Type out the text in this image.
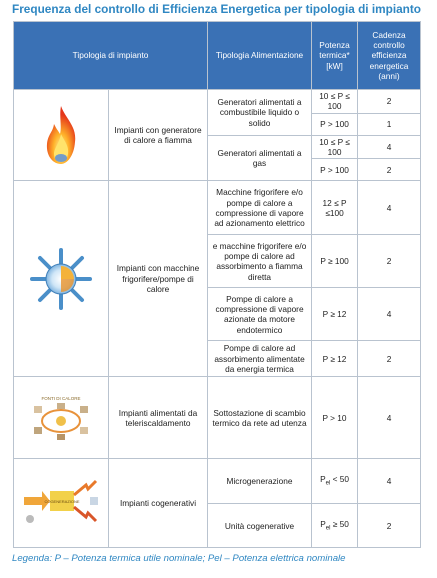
Frequenza del controllo di Efficienza Energetica per tipologia di impianto
Tipologia di impianto		Tipologia Alimentazione	Potenza termica* [kW]	Cadenza controllo efficienza energetica (anni)

	Impianti con generatore di calore a fiamma	Generatori alimentati a combustibile liquido o solido	10 ≤ P ≤ 100	2
			P > 100	1
		Generatori alimentati a gas	10 ≤ P ≤ 100	4
			P > 100	2

	Impianti con macchine frigorifere/pompe di calore	Macchine frigorifere e/o pompe di calore a compressione di vapore ad azionamento elettrico	12 ≤ P ≤100	4
		e macchine frigorifere e/o pompe di calore ad assorbimento a fiamma diretta	P ≥ 100	2
		Pompe di calore a compressione di vapore azionate da motore endotermico	P ≥ 12	4
		Pompe di calore ad assorbimento alimentate da energia termica	P ≥ 12	2

FONTI DI CALORE	Impianti alimentati da teleriscaldamento	Sottostazione di scambio termico da rete ad utenza	P > 10	4

COGENERAZIONE	Impianti cogenerativi	Microgenerazione	$P_{el} < 50$	4
		Unità cogenerative	$P_{el} \ge 50$	2
Legenda: P – Potenza termica utile nominale; Pel – Potenza elettrica nominale
